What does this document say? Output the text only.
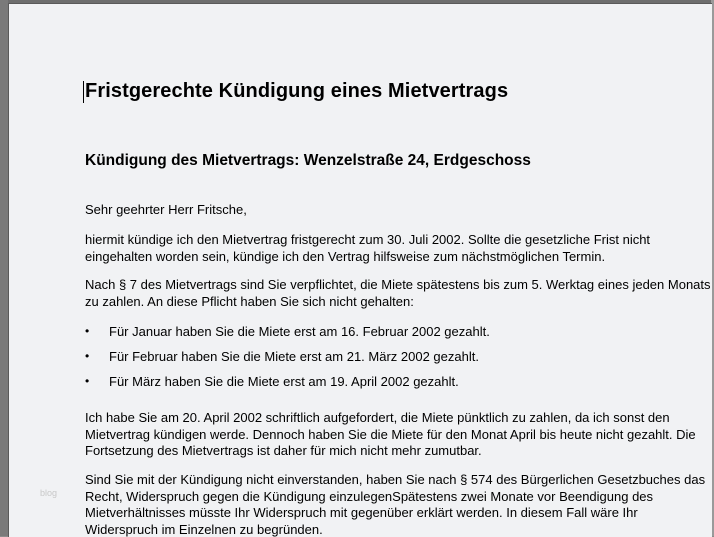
Fristgerechte Kündigung eines Mietvertrags
Kündigung des Mietvertrags: Wenzelstraße 24, Erdgeschoss
Sehr geehrter Herr Fritsche,
hiermit kündige ich den Mietvertrag fristgerecht zum 30. Juli 2002. Sollte die gesetzliche Frist nicht
eingehalten worden sein, kündige ich den Vertrag hilfsweise zum nächstmöglichen Termin.
Nach § 7 des Mietvertrags sind Sie verpflichtet, die Miete spätestens bis zum 5. Werktag eines jeden Monats
zu zahlen. An diese Pflicht haben Sie sich nicht gehalten:
• Für Januar haben Sie die Miete erst am 16. Februar 2002 gezahlt.
• Für Februar haben Sie die Miete erst am 21. März 2002 gezahlt.
• Für März haben Sie die Miete erst am 19. April 2002 gezahlt.
Ich habe Sie am 20. April 2002 schriftlich aufgefordert, die Miete pünktlich zu zahlen, da ich sonst den
Mietvertrag kündigen werde. Dennoch haben Sie die Miete für den Monat April bis heute nicht gezahlt. Die
Fortsetzung des Mietvertrags ist daher für mich nicht mehr zumutbar.
Sind Sie mit der Kündigung nicht einverstanden, haben Sie nach § 574 des Bürgerlichen Gesetzbuches das
Recht, Widerspruch gegen die Kündigung einzulegenSpätestens zwei Monate vor Beendigung des
Mietverhältnisses müsste Ihr Widerspruch mit gegenüber erklärt werden. In diesem Fall wäre Ihr
Widerspruch im Einzelnen zu begründen.
blog
